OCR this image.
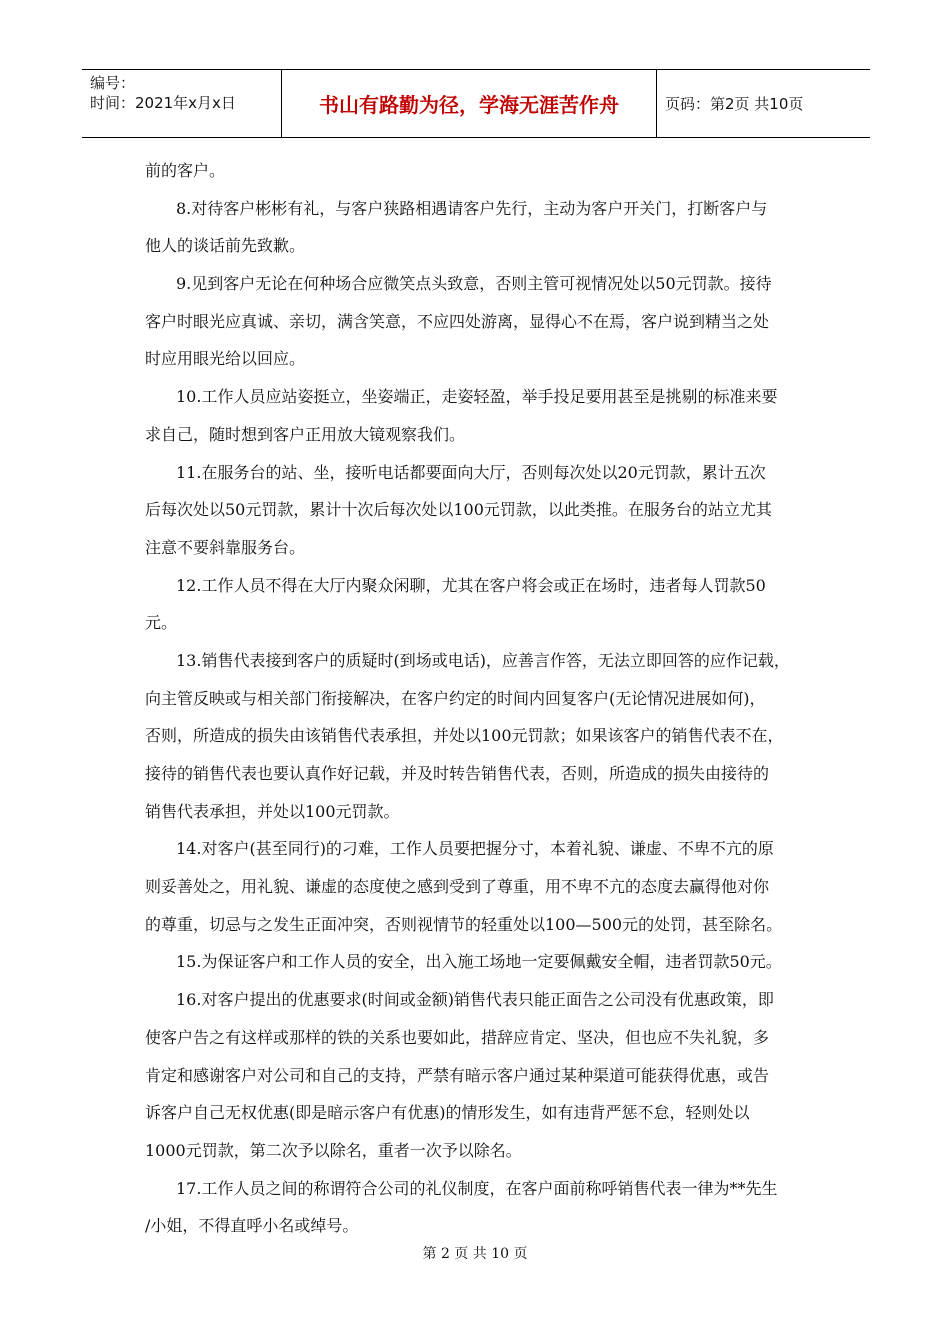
编号：
时间：2021年x月x日	书山有路勤为径，学海无涯苦作舟	页码：第2页 共10页
前的客户。
8.对待客户彬彬有礼，与客户狭路相遇请客户先行，主动为客户开关门，打断客户与
他人的谈话前先致歉。
9.见到客户无论在何种场合应微笑点头致意，否则主管可视情况处以50元罚款。接待
客户时眼光应真诚、亲切，满含笑意，不应四处游离，显得心不在焉，客户说到精当之处
时应用眼光给以回应。
10.工作人员应站姿挺立，坐姿端正，走姿轻盈，举手投足要用甚至是挑剔的标准来要
求自己，随时想到客户正用放大镜观察我们。
11.在服务台的站、坐，接听电话都要面向大厅，否则每次处以20元罚款，累计五次
后每次处以50元罚款，累计十次后每次处以100元罚款，以此类推。在服务台的站立尤其
注意不要斜靠服务台。
12.工作人员不得在大厅内聚众闲聊，尤其在客户将会或正在场时，违者每人罚款50
元。
13.销售代表接到客户的质疑时(到场或电话)，应善言作答，无法立即回答的应作记载，
向主管反映或与相关部门衔接解决，在客户约定的时间内回复客户(无论情况进展如何)，
否则，所造成的损失由该销售代表承担，并处以100元罚款；如果该客户的销售代表不在，
接待的销售代表也要认真作好记载，并及时转告销售代表，否则，所造成的损失由接待的
销售代表承担，并处以100元罚款。
14.对客户(甚至同行)的刁难，工作人员要把握分寸，本着礼貌、谦虚、不卑不亢的原
则妥善处之，用礼貌、谦虚的态度使之感到受到了尊重，用不卑不亢的态度去赢得他对你
的尊重，切忌与之发生正面冲突，否则视情节的轻重处以100—500元的处罚，甚至除名。
15.为保证客户和工作人员的安全，出入施工场地一定要佩戴安全帽，违者罚款50元。
16.对客户提出的优惠要求(时间或金额)销售代表只能正面告之公司没有优惠政策，即
使客户告之有这样或那样的铁的关系也要如此，措辞应肯定、坚决，但也应不失礼貌，多
肯定和感谢客户对公司和自己的支持，严禁有暗示客户通过某种渠道可能获得优惠，或告
诉客户自己无权优惠(即是暗示客户有优惠)的情形发生，如有违背严惩不怠，轻则处以
1000元罚款，第二次予以除名，重者一次予以除名。
17.工作人员之间的称谓符合公司的礼仪制度，在客户面前称呼销售代表一律为**先生
/小姐，不得直呼小名或绰号。
第 2 页 共 10 页
